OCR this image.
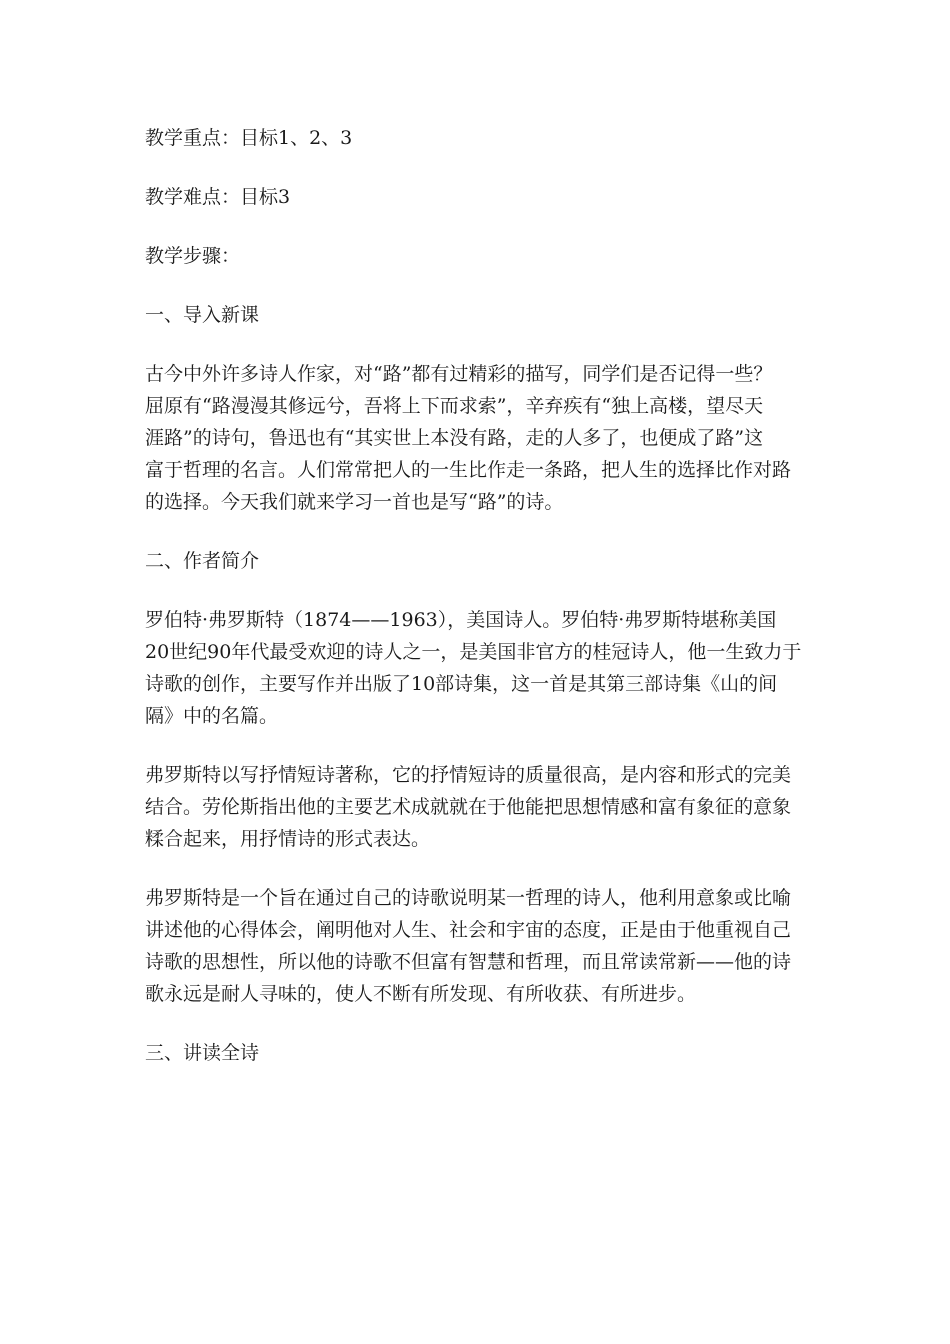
教学重点：目标1、2、3
教学难点：目标3
教学步骤：
一、导入新课
古今中外许多诗人作家，对“路”都有过精彩的描写，同学们是否记得一些？
屈原有“路漫漫其修远兮，吾将上下而求索”，辛弃疾有“独上高楼，望尽天
涯路”的诗句，鲁迅也有“其实世上本没有路，走的人多了，也便成了路”这
富于哲理的名言。人们常常把人的一生比作走一条路，把人生的选择比作对路
的选择。今天我们就来学习一首也是写“路”的诗。
二、作者简介
罗伯特·弗罗斯特（1874——1963），美国诗人。罗伯特·弗罗斯特堪称美国
20世纪90年代最受欢迎的诗人之一，是美国非官方的桂冠诗人，他一生致力于
诗歌的创作，主要写作并出版了10部诗集，这一首是其第三部诗集《山的间
隔》中的名篇。
弗罗斯特以写抒情短诗著称，它的抒情短诗的质量很高，是内容和形式的完美
结合。劳伦斯指出他的主要艺术成就就在于他能把思想情感和富有象征的意象
糅合起来，用抒情诗的形式表达。
弗罗斯特是一个旨在通过自己的诗歌说明某一哲理的诗人，他利用意象或比喻
讲述他的心得体会，阐明他对人生、社会和宇宙的态度，正是由于他重视自己
诗歌的思想性，所以他的诗歌不但富有智慧和哲理，而且常读常新——他的诗
歌永远是耐人寻味的，使人不断有所发现、有所收获、有所进步。
三、讲读全诗
